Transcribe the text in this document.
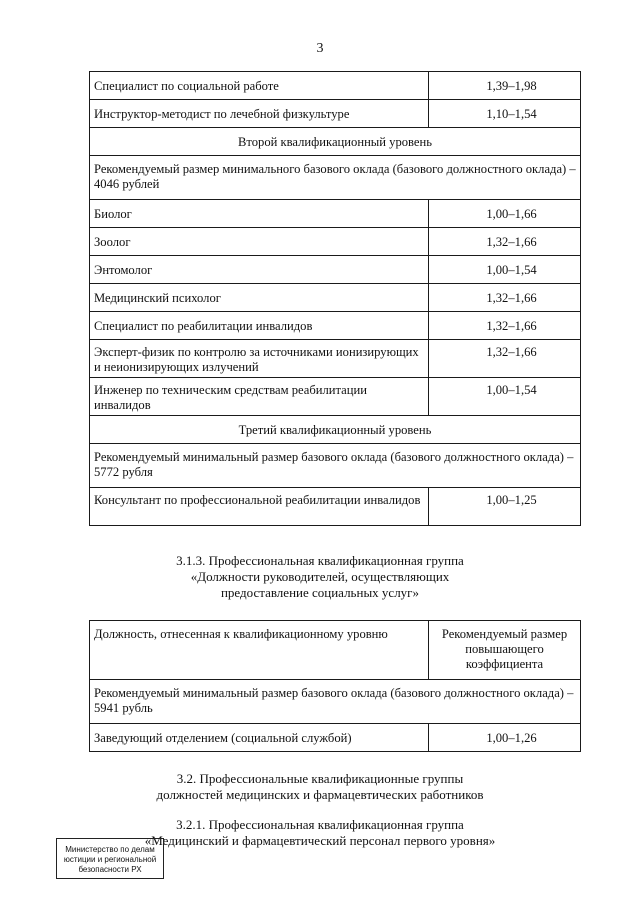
3
Специалист по социальной работе	1,39–1,98
Инструктор-методист по лечебной физкультуре	1,10–1,54
Второй квалификационный уровень	
Рекомендуемый размер минимального базового оклада (базового должностного оклада) – 4046 рублей	
Биолог	1,00–1,66
Зоолог	1,32–1,66
Энтомолог	1,00–1,54
Медицинский психолог	1,32–1,66
Специалист по реабилитации инвалидов	1,32–1,66
Эксперт-физик по контролю за источниками ионизирующих и неионизирующих излучений	1,32–1,66
Инженер по техническим средствам реабилитации инвалидов	1,00–1,54
Третий квалификационный уровень	
Рекомендуемый минимальный размер базового оклада (базового должностного оклада) – 5772 рубля	
Консультант по профессиональной реабилитации инвалидов	1,00–1,25
3.1.3. Профессиональная квалификационная группа
«Должности руководителей, осуществляющих
предоставление социальных услуг»
Должность, отнесенная к квалификационному уровню	Рекомендуемый размер повышающего коэффициента
Рекомендуемый минимальный размер базового оклада (базового должностного оклада) – 5941 рубль	
Заведующий отделением (социальной службой)	1,00–1,26
3.2. Профессиональные квалификационные группы
должностей медицинских и фармацевтических работников
3.2.1. Профессиональная квалификационная группа
«Медицинский и фармацевтический персонал первого уровня»
Министерство по делам
юстиции и региональной
безопасности РХ
